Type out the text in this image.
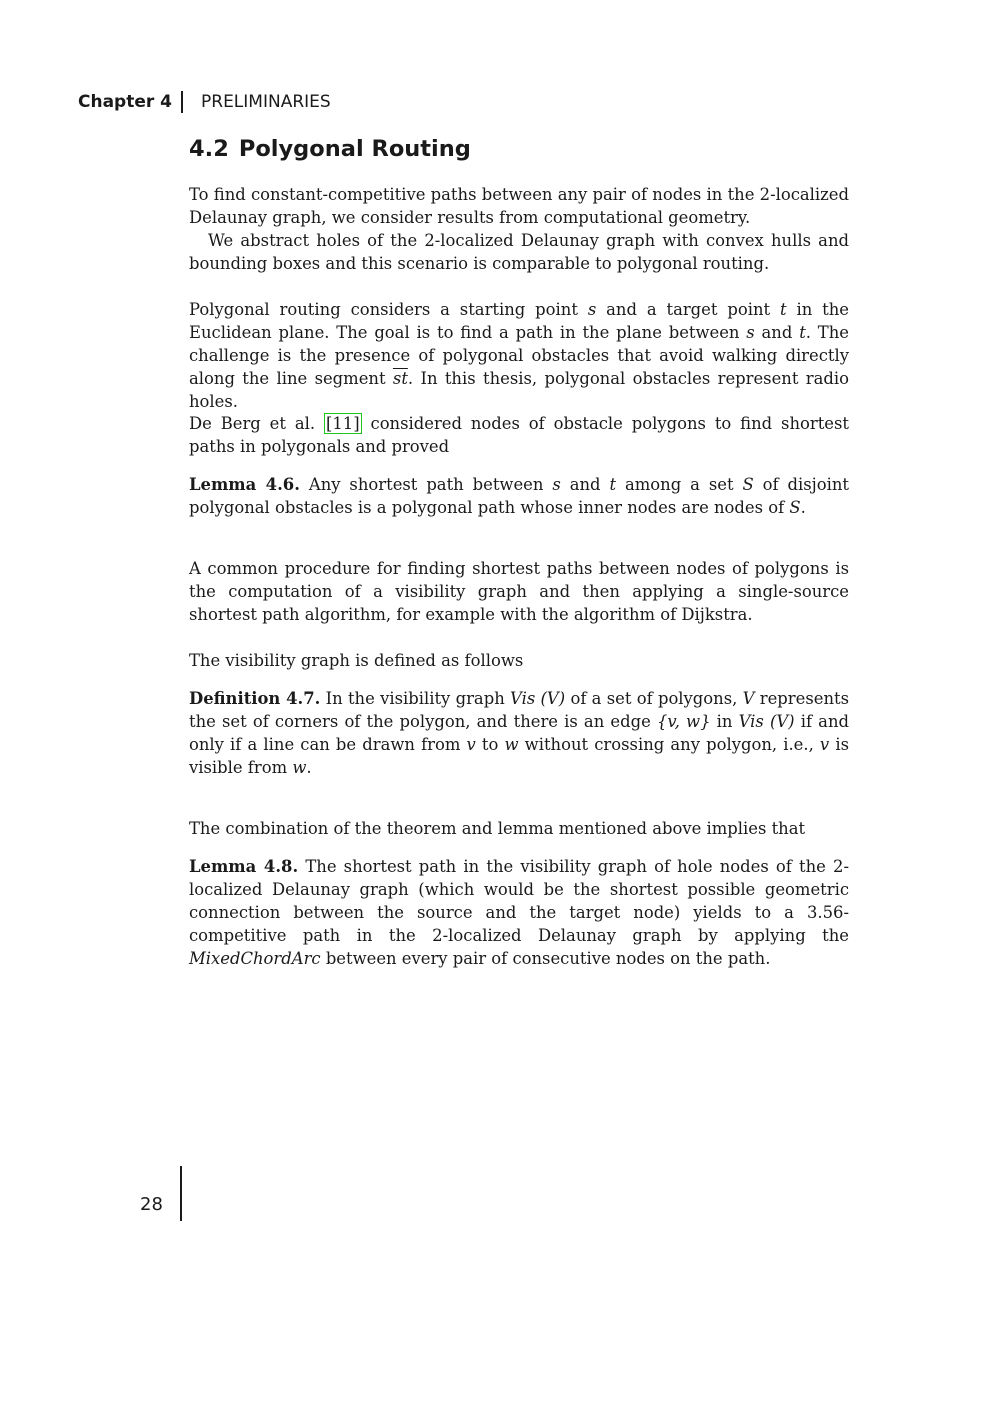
Chapter 4 PRELIMINARIES
4.2 Polygonal Routing

To find constant-competitive paths between any pair of nodes in the 2-localized Delaunay graph, we consider results from computational geometry.

We abstract holes of the 2-localized Delaunay graph with convex hulls and bounding boxes and this scenario is comparable to polygonal routing.

Polygonal routing considers a starting point s and a target point t in the Euclidean plane. The goal is to find a path in the plane between s and t. The challenge is the presence of polygonal obstacles that avoid walking directly along the line segment $\overline{st}$. In this thesis, polygonal obstacles represent radio holes.

De Berg et al. [11] considered nodes of obstacle polygons to find shortest paths in polygonals and proved

Lemma 4.6. Any shortest path between s and t among a set S of disjoint polygonal obstacles is a polygonal path whose inner nodes are nodes of S.

A common procedure for finding shortest paths between nodes of polygons is the computation of a visibility graph and then applying a single-source shortest path algorithm, for example with the algorithm of Dijkstra.

The visibility graph is defined as follows

Definition 4.7. In the visibility graph Vis (V) of a set of polygons, V represents the set of corners of the polygon, and there is an edge {v, w} in Vis (V) if and only if a line can be drawn from v to w without crossing any polygon, i.e., v is visible from w.

The combination of the theorem and lemma mentioned above implies that

Lemma 4.8. The shortest path in the visibility graph of hole nodes of the 2-localized Delaunay graph (which would be the shortest possible geometric connection between the source and the target node) yields to a 3.56-competitive path in the 2-localized Delaunay graph by applying the MixedChordArc between every pair of consecutive nodes on the path.

28
